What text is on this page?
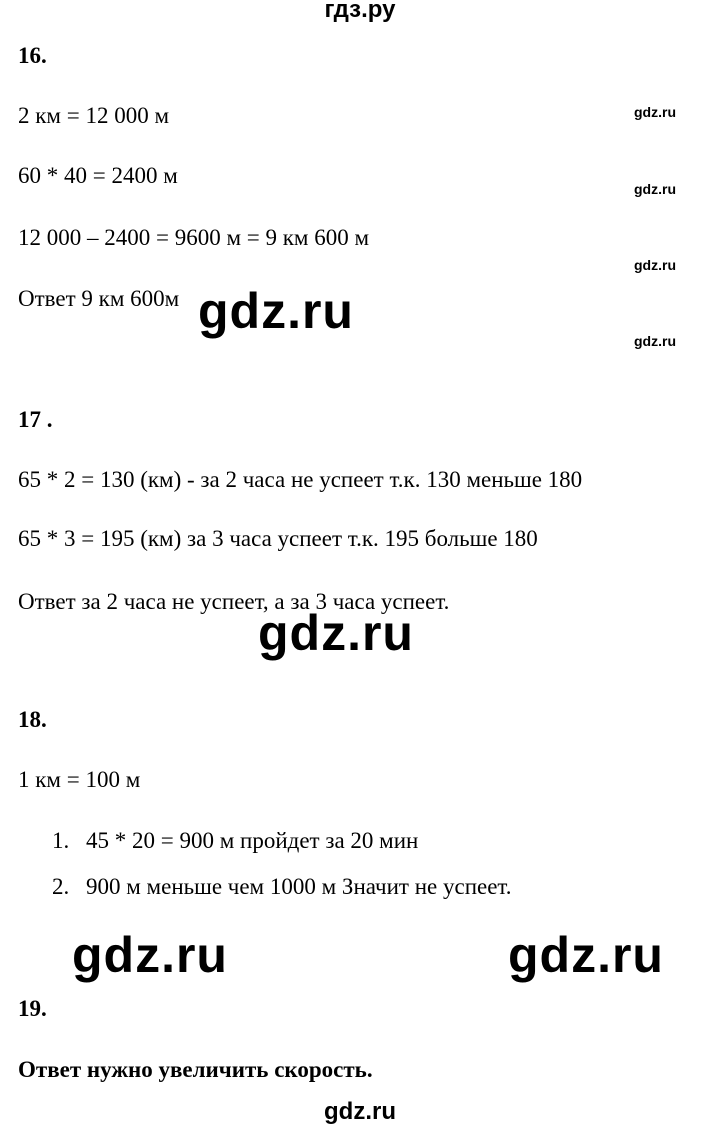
гдз.ру
16.
2 км = 12 000 м	gdz.ru
60 * 40 = 2400 м
gdz.ru
12 000 – 2400 = 9600 м = 9 км 600 м
gdz.ru
Ответ 9 км 600м gdz.ru
gdz.ru
17 .
65 * 2 = 130 (км) - за 2 часа не успеет т.к. 130 меньше 180
65 * 3 = 195 (км) за 3 часа успеет т.к. 195 больше 180
Ответ за 2 часа не успеет, а за 3 часа успеет.
gdz.ru
18.
1 км = 100 м
1. 45 * 20 = 900 м пройдет за 20 мин
2. 900 м меньше чем 1000 м Значит не успеет.
gdz.ru	gdz.ru
19.
Ответ нужно увеличить скорость.
gdz.ru
